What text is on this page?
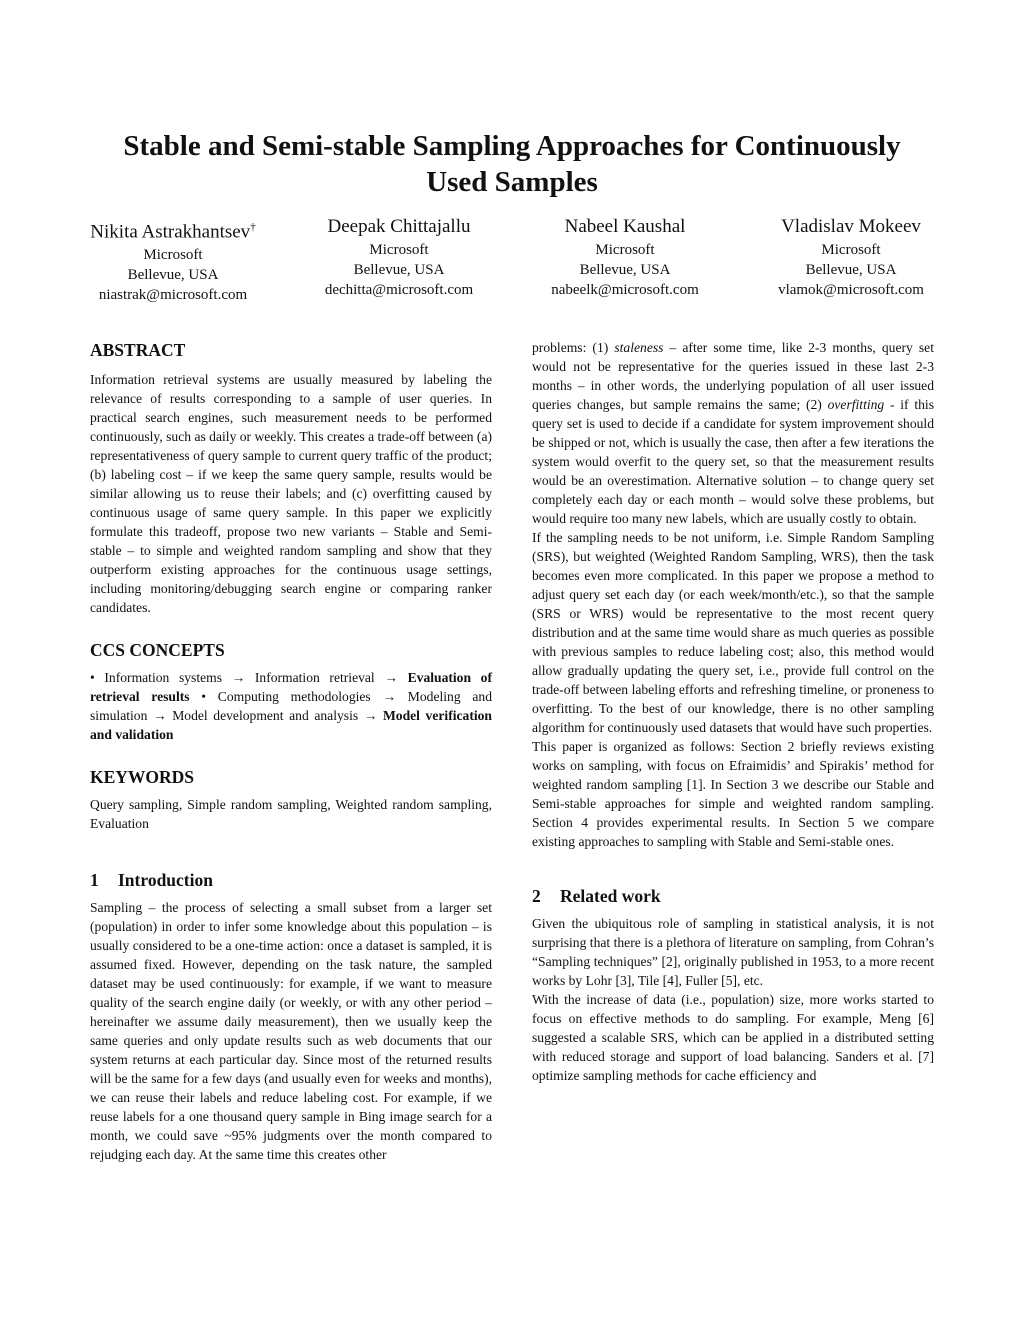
Stable and Semi-stable Sampling Approaches for Continuously Used Samples
Nikita Astrakhantsev†
Microsoft
Bellevue, USA
niastrak@microsoft.com
Deepak Chittajallu
Microsoft
Bellevue, USA
dechitta@microsoft.com
Nabeel Kaushal
Microsoft
Bellevue, USA
nabeelk@microsoft.com
Vladislav Mokeev
Microsoft
Bellevue, USA
vlamok@microsoft.com
ABSTRACT

Information retrieval systems are usually measured by labeling the relevance of results corresponding to a sample of user queries. In practical search engines, such measurement needs to be performed continuously, such as daily or weekly. This creates a trade-off between (a) representativeness of query sample to current query traffic of the product; (b) labeling cost – if we keep the same query sample, results would be similar allowing us to reuse their labels; and (c) overfitting caused by continuous usage of same query sample. In this paper we explicitly formulate this tradeoff, propose two new variants – Stable and Semi-stable – to simple and weighted random sampling and show that they outperform existing approaches for the continuous usage settings, including monitoring/debugging search engine or comparing ranker candidates.

CCS CONCEPTS

• Information systems → Information retrieval → Evaluation of retrieval results • Computing methodologies → Modeling and simulation → Model development and analysis → Model verification and validation

KEYWORDS

Query sampling, Simple random sampling, Weighted random sampling, Evaluation

1 Introduction

Sampling – the process of selecting a small subset from a larger set (population) in order to infer some knowledge about this population – is usually considered to be a one-time action: once a dataset is sampled, it is assumed fixed. However, depending on the task nature, the sampled dataset may be used continuously: for example, if we want to measure quality of the search engine daily (or weekly, or with any other period – hereinafter we assume daily measurement), then we usually keep the same queries and only update results such as web documents that our system returns at each particular day. Since most of the returned results will be the same for a few days (and usually even for weeks and months), we can reuse their labels and reduce labeling cost. For example, if we reuse labels for a one thousand query sample in Bing image search for a month, we could save ~95% judgments over the month compared to rejudging each day. At the same time this creates other

problems: (1) staleness – after some time, like 2-3 months, query set would not be representative for the queries issued in these last 2-3 months – in other words, the underlying population of all user issued queries changes, but sample remains the same; (2) overfitting - if this query set is used to decide if a candidate for system improvement should be shipped or not, which is usually the case, then after a few iterations the system would overfit to the query set, so that the measurement results would be an overestimation. Alternative solution – to change query set completely each day or each month – would solve these problems, but would require too many new labels, which are usually costly to obtain.

If the sampling needs to be not uniform, i.e. Simple Random Sampling (SRS), but weighted (Weighted Random Sampling, WRS), then the task becomes even more complicated. In this paper we propose a method to adjust query set each day (or each week/month/etc.), so that the sample (SRS or WRS) would be representative to the most recent query distribution and at the same time would share as much queries as possible with previous samples to reduce labeling cost; also, this method would allow gradually updating the query set, i.e., provide full control on the trade-off between labeling efforts and refreshing timeline, or proneness to overfitting. To the best of our knowledge, there is no other sampling algorithm for continuously used datasets that would have such properties.

This paper is organized as follows: Section 2 briefly reviews existing works on sampling, with focus on Efraimidis’ and Spirakis’ method for weighted random sampling [1]. In Section 3 we describe our Stable and Semi-stable approaches for simple and weighted random sampling. Section 4 provides experimental results. In Section 5 we compare existing approaches to sampling with Stable and Semi-stable ones.

2 Related work

Given the ubiquitous role of sampling in statistical analysis, it is not surprising that there is a plethora of literature on sampling, from Cohran’s “Sampling techniques” [2], originally published in 1953, to a more recent works by Lohr [3], Tile [4], Fuller [5], etc.

With the increase of data (i.e., population) size, more works started to focus on effective methods to do sampling. For example, Meng [6] suggested a scalable SRS, which can be applied in a distributed setting with reduced storage and support of load balancing. Sanders et al. [7] optimize sampling methods for cache efficiency and
